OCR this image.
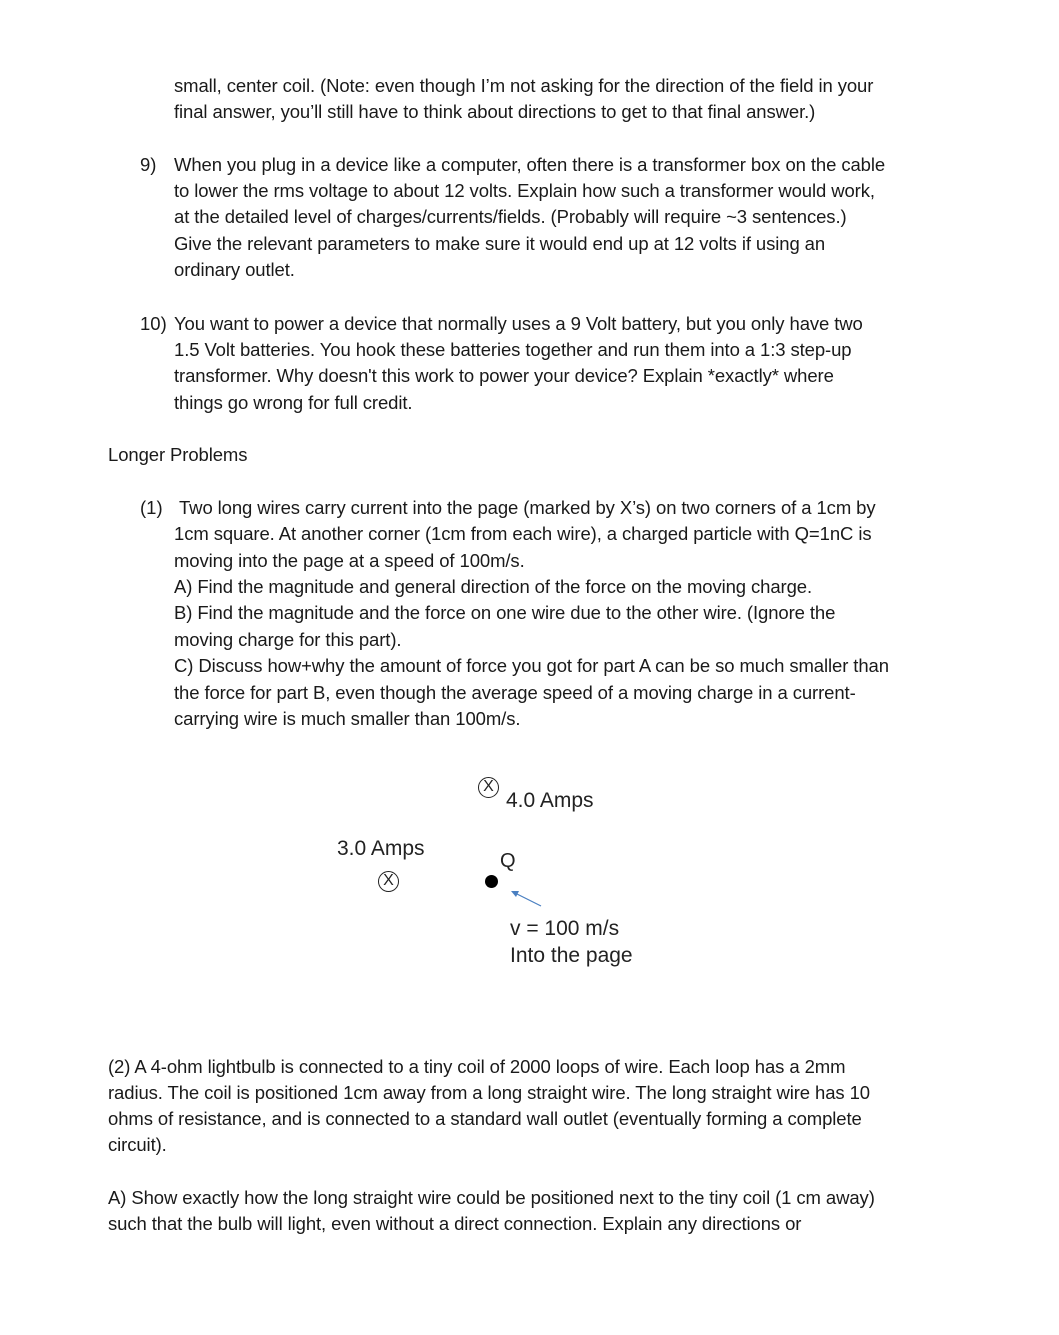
small, center coil. (Note: even though I’m not asking for the direction of the field in your
final answer, you’ll still have to think about directions to get to that final answer.)
9) When you plug in a device like a computer, often there is a transformer box on the cable
to lower the rms voltage to about 12 volts. Explain how such a transformer would work,
at the detailed level of charges/currents/fields. (Probably will require ~3 sentences.)
Give the relevant parameters to make sure it would end up at 12 volts if using an
ordinary outlet.
10) You want to power a device that normally uses a 9 Volt battery, but you only have two
1.5 Volt batteries. You hook these batteries together and run them into a 1:3 step-up
transformer. Why doesn't this work to power your device? Explain *exactly* where
things go wrong for full credit.
Longer Problems
(1) Two long wires carry current into the page (marked by X’s) on two corners of a 1cm by
1cm square. At another corner (1cm from each wire), a charged particle with Q=1nC is
moving into the page at a speed of 100m/s.
A) Find the magnitude and general direction of the force on the moving charge.
B) Find the magnitude and the force on one wire due to the other wire. (Ignore the
moving charge for this part).
C) Discuss how+why the amount of force you got for part A can be so much smaller than
the force for part B, even though the average speed of a moving charge in a current-
carrying wire is much smaller than 100m/s.
X
4.0 Amps
3.0 Amps
X
Q
v = 100 m/s
Into the page
(2) A 4-ohm lightbulb is connected to a tiny coil of 2000 loops of wire. Each loop has a 2mm
radius. The coil is positioned 1cm away from a long straight wire. The long straight wire has 10
ohms of resistance, and is connected to a standard wall outlet (eventually forming a complete
circuit).
A) Show exactly how the long straight wire could be positioned next to the tiny coil (1 cm away)
such that the bulb will light, even without a direct connection. Explain any directions or
